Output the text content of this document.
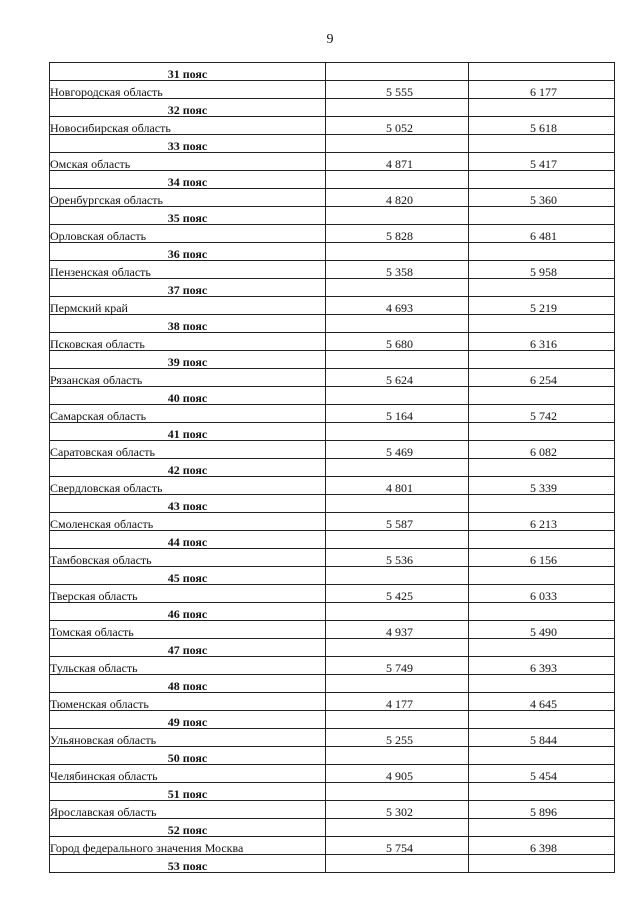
9
31 пояс		
Новгородская область	5 555	6 177
32 пояс		
Новосибирская область	5 052	5 618
33 пояс		
Омская область	4 871	5 417
34 пояс		
Оренбургская область	4 820	5 360
35 пояс		
Орловская область	5 828	6 481
36 пояс		
Пензенская область	5 358	5 958
37 пояс		
Пермский край	4 693	5 219
38 пояс		
Псковская область	5 680	6 316
39 пояс		
Рязанская область	5 624	6 254
40 пояс		
Самарская область	5 164	5 742
41 пояс		
Саратовская область	5 469	6 082
42 пояс		
Свердловская область	4 801	5 339
43 пояс		
Смоленская область	5 587	6 213
44 пояс		
Тамбовская область	5 536	6 156
45 пояс		
Тверская область	5 425	6 033
46 пояс		
Томская область	4 937	5 490
47 пояс		
Тульская область	5 749	6 393
48 пояс		
Тюменская область	4 177	4 645
49 пояс		
Ульяновская область	5 255	5 844
50 пояс		
Челябинская область	4 905	5 454
51 пояс		
Ярославская область	5 302	5 896
52 пояс		
Город федерального значения Москва	5 754	6 398
53 пояс		
